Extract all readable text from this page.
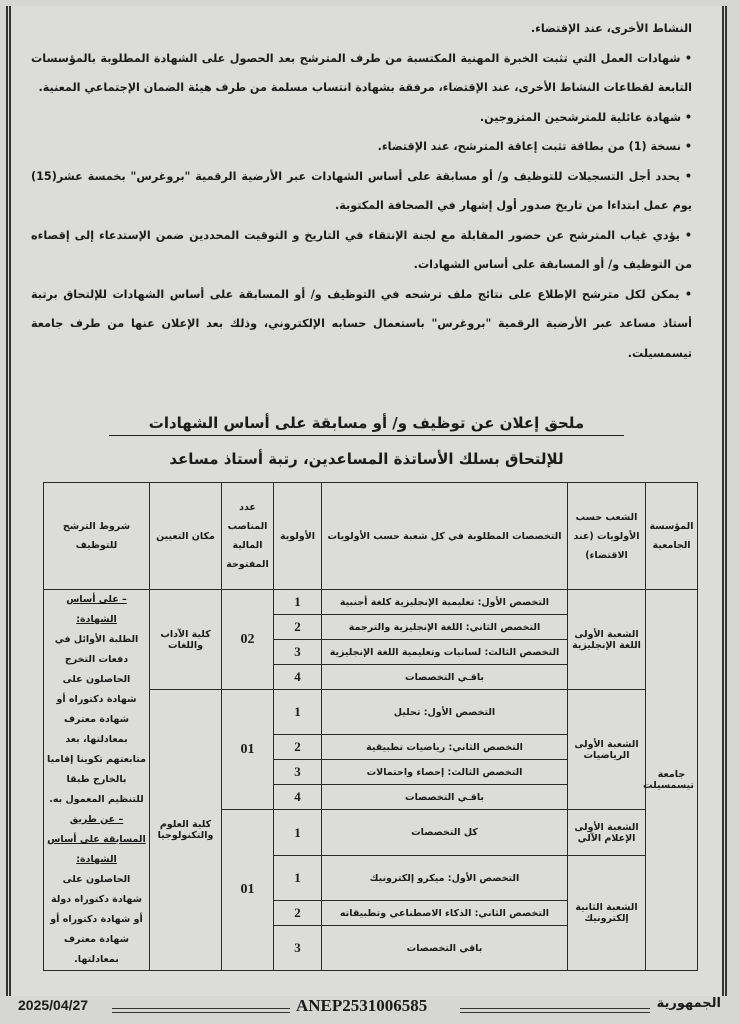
النشاط الأخرى، عند الإقتضاء.

• شهادات العمل التي تثبت الخبرة المهنية المكتسبة من طرف المترشح بعد الحصول على الشهادة المطلوبة بالمؤسسات التابعة لقطاعات النشاط الأخرى، عند الإقتضاء، مرفقة بشهادة انتساب مسلمة من طرف هيئة الضمان الإجتماعي المعنية.

• شهادة عائلية للمترشحين المتزوجين.

• نسخة (1) من بطاقة تثبت إعاقة المترشح، عند الإقتضاء.

• يحدد أجل التسجيلات للتوظيف و/ أو مسابقة على أساس الشهادات عبر الأرضية الرقمية "بروغرس" بخمسة عشر(15) يوم عمل ابتداءا من تاريخ صدور أول إشهار في الصحافة المكتوبة.

• يؤدي غياب المترشح عن حضور المقابلة مع لجنة الإنتقاء في التاريخ و التوقيت المحددين ضمن الإستدعاء إلى إقصاءه من التوظيف و/ أو المسابقة على أساس الشهادات.

• يمكن لكل مترشح الإطلاع على نتائج ملف ترشحه في التوظيف و/ أو المسابقة على أساس الشهادات للإلتحاق برتبة أستاذ مساعد عبر الأرضية الرقمية "بروغرس" باستعمال حسابه الإلكتروني، وذلك بعد الإعلان عنها من طرف جامعة تيسمسيلت.

ملحق إعلان عن توظيف و/ أو مسابقة على أساس الشهادات
للإلتحاق بسلك الأساتذة المساعدين، رتبة أستاذ مساعد
المؤسسة الجامعية	الشعب حسب الأولويات (عند الاقتضاء)	التخصصات المطلوبة في كل شعبة حسب الأولويات	الأولوية	عدد المناصب المالية المفتوحة	مكان التعيين	شروط الترشح للتوظيف
جامعة تيسمسيلت	الشعبة الأولى اللغة الإنجليزية	التخصص الأول: تعليمية الإنجليزية كلغة أجنبية	1	02	كلية الآداب واللغات	– على أساس الشهادة:
الطلبة الأوائل في دفعات التخرج الحاصلون على شهادة دكتوراه أو شهادة معترف بمعادلتها، بعد متابعتهم تكوينا إقاميا بالخارج طبقا للتنظيم المعمول به.
– عن طريق المسابقة على أساس الشهادة:
الحاصلون على شهادة دكتوراه دولة أو شهادة دكتوراه أو شهادة معترف بمعادلتها.

		التخصص الثاني: اللغة الإنجليزية والترجمة	2			
		التخصص الثالث: لسانيات وتعليمية اللغة الإنجليزية	3			
		باقـي التخصصات	4			
	الشعبة الأولى الرياضيات	التخصص الأول: تحليل	1	01	كلية العلوم والتكنولوجيا	
		التخصص الثاني: رياضيات تطبيقية	2			
		التخصص الثالث: إحصاء واحتمالات	3			
		باقـي التخصصات	4			
	الشعبة الأولى الإعلام الآلي	كل التخصصات	1	01		

	الشعبة الثانية إلكترونيك	التخصص الأول: ميكرو إلكترونيك	1			
		التخصص الثاني: الذكاء الاصطناعي وتطبيقاته	2			
		باقي التخصصات	3			

2025/04/27	ANEP2531006585	الجمهورية
